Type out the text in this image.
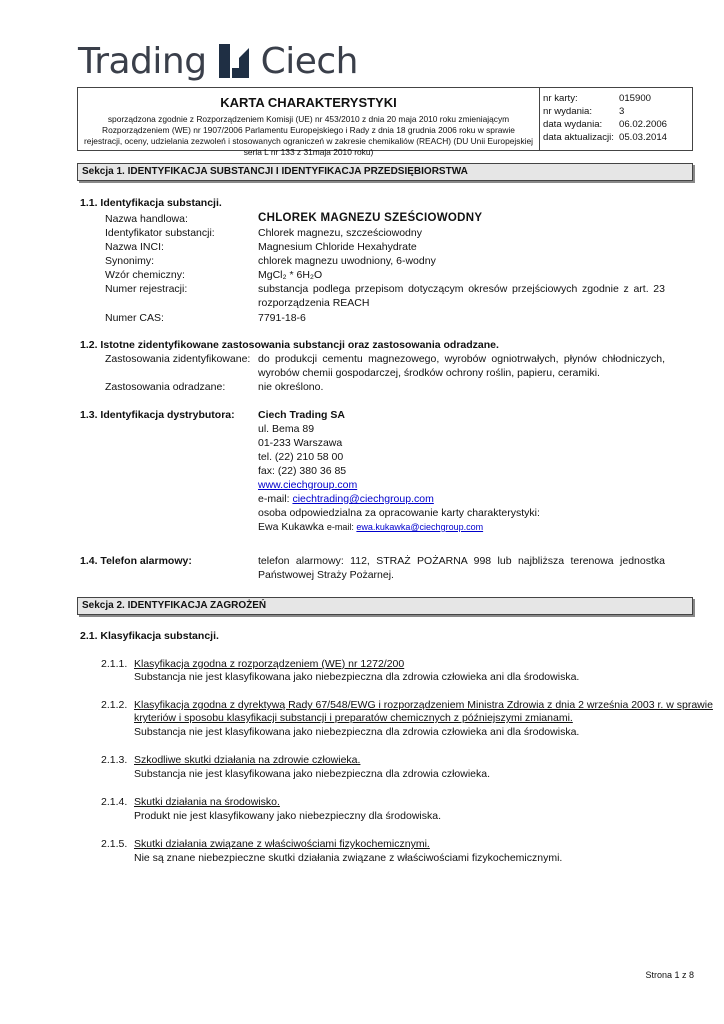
Trading Ciech
KARTA CHARAKTERYSTYKI
sporządzona zgodnie z Rozporządzeniem Komisji (UE) nr 453/2010 z dnia 20 maja 2010 roku zmieniającym Rozporządzeniem (WE) nr 1907/2006 Parlamentu Europejskiego i Rady z dnia 18 grudnia 2006 roku w sprawie rejestracji, oceny, udzielania zezwoleń i stosowanych ograniczeń w zakresie chemikaliów (REACH) (DU Unii Europejskiej seria L nr 133 z 31maja 2010 roku)
nr karty:	015900
nr wydania:	3
data wydania:	06.02.2006
data aktualizacji: 05.03.2014
Sekcja 1. IDENTYFIKACJA SUBSTANCJI I IDENTYFIKACJA PRZEDSIĘBIORSTWA
1.1. Identyfikacja substancji.
Nazwa handlowa:	CHLOREK MAGNEZU SZEŚCIOWODNY
Identyfikator substancji:	Chlorek magnezu, szcześciowodny
Nazwa INCI:	Magnesium Chloride Hexahydrate
Synonimy:	chlorek magnezu uwodniony, 6-wodny
Wzór chemiczny:	MgCl₂ * 6H₂O
Numer rejestracji:	substancja podlega przepisom dotyczącym okresów przejściowych zgodnie z art. 23 rozporządzenia REACH
Numer CAS:	7791-18-6
1.2. Istotne zidentyfikowane zastosowania substancji oraz zastosowania odradzane.
Zastosowania zidentyfikowane: do produkcji cementu magnezowego, wyrobów ogniotrwałych, płynów chłodniczych, wyrobów chemii gospodarczej, środków ochrony roślin, papieru, ceramiki.
Zastosowania odradzane:	nie określono.
1.3. Identyfikacja dystrybutora: Ciech Trading SA
ul. Bema 89
01-233 Warszawa
tel. (22) 210 58 00
fax: (22) 380 36 85
www.ciechgroup.com
e-mail: ciechtrading@ciechgroup.com
osoba odpowiedzialna za opracowanie karty charakterystyki:
Ewa Kukawka e-mail: ewa.kukawka@ciechgroup.com
1.4. Telefon alarmowy:	telefon alarmowy: 112, STRAŻ POŻARNA 998 lub najbliższa terenowa jednostka Państwowej Straży Pożarnej.
Sekcja 2. IDENTYFIKACJA ZAGROŻEŃ
2.1. Klasyfikacja substancji.
2.1.1. Klasyfikacja zgodna z rozporządzeniem (WE) nr 1272/200
Substancja nie jest klasyfikowana jako niebezpieczna dla zdrowia człowieka ani dla środowiska.
2.1.2. Klasyfikacja zgodna z dyrektywą Rady 67/548/EWG i rozporządzeniem Ministra Zdrowia z dnia 2 września 2003 r. w sprawie
kryteriów i sposobu klasyfikacji substancji i preparatów chemicznych z późniejszymi zmianami.
Substancja nie jest klasyfikowana jako niebezpieczna dla zdrowia człowieka ani dla środowiska.
2.1.3. Szkodliwe skutki działania na zdrowie człowieka.
Substancja nie jest klasyfikowana jako niebezpieczna dla zdrowia człowieka.
2.1.4. Skutki działania na środowisko.
Produkt nie jest klasyfikowany jako niebezpieczny dla środowiska.
2.1.5. Skutki działania związane z właściwościami fizykochemicznymi.
Nie są znane niebezpieczne skutki działania związane z właściwościami fizykochemicznymi.
Strona 1 z 8
